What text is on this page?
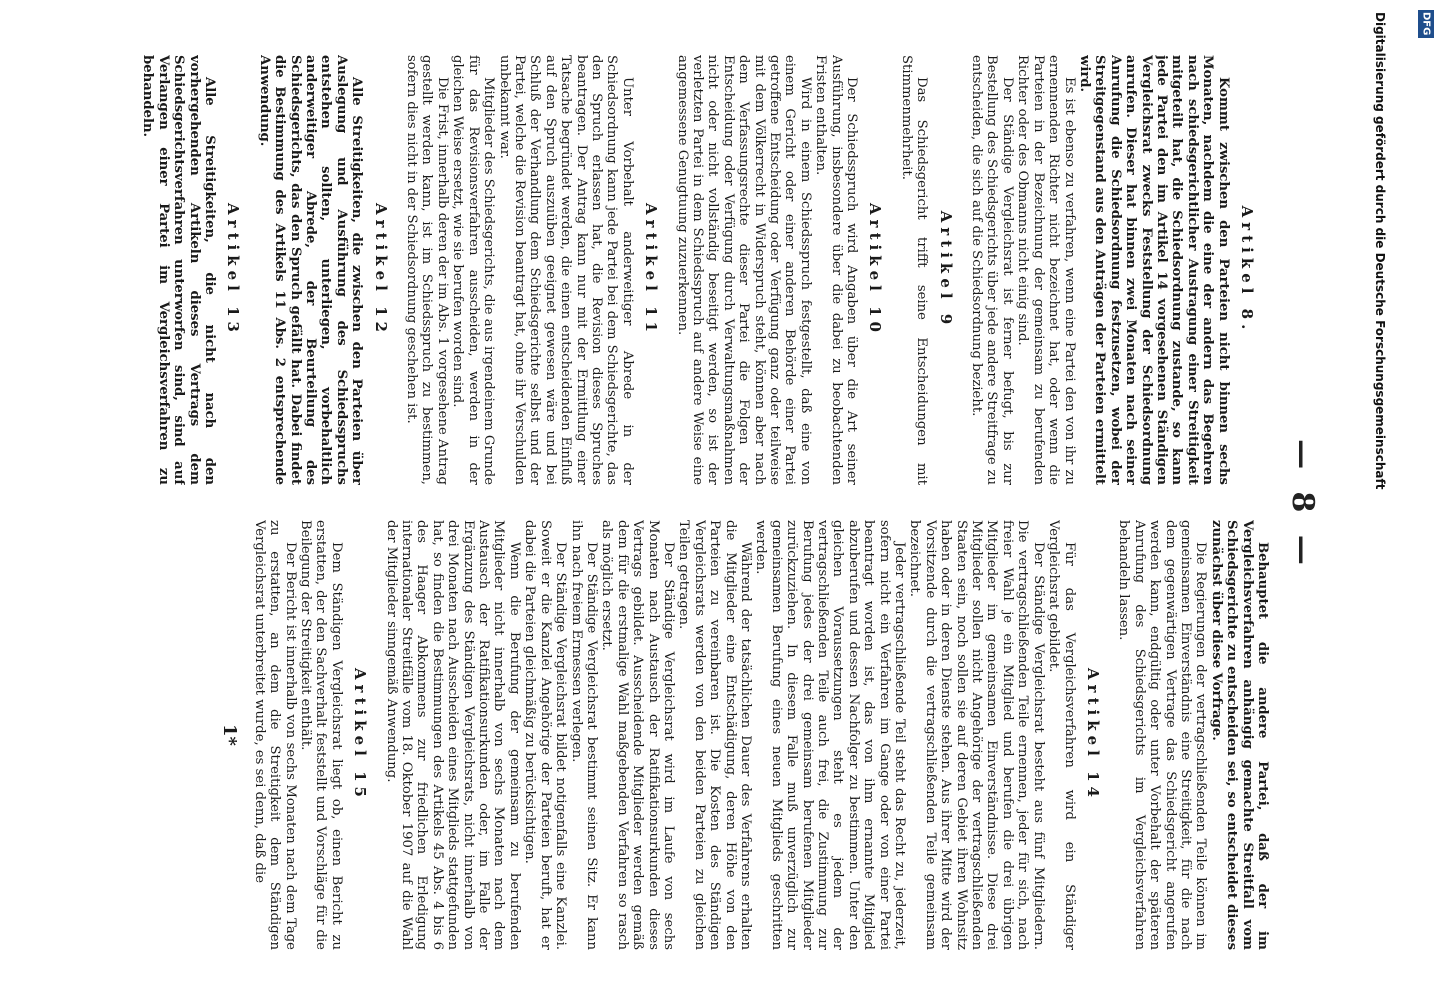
— 8 —
Artikel 8.

Kommt zwischen den Parteien nicht binnen sechs Monaten, nachdem die eine der andern das Begehren nach schiedsgerichtlicher Austragung einer Streitigkeit mitgeteilt hat, die Schiedsordnung zustande, so kann jede Partei den im Artikel 14 vorgesehenen Ständigen Vergleichsrat zwecks Feststellung der Schiedsordnung anrufen. Dieser hat binnen zwei Monaten nach seiner Anrufung die Schiedsordnung festzusetzen, wobei der Streitgegenstand aus den Anträgen der Parteien ermittelt wird.

Es ist ebenso zu verfahren, wenn eine Partei den von ihr zu ernennenden Richter nicht bezeichnet hat, oder wenn die Parteien in der Bezeichnung der gemeinsam zu berufenden Richter oder des Obmanns nicht einig sind.

Der Ständige Vergleichsrat ist ferner befugt, bis zur Bestellung des Schiedsgerichts über jede andere Streitfrage zu entscheiden, die sich auf die Schiedsordnung bezieht.

Artikel 9

Das Schiedsgericht trifft seine Entscheidungen mit Stimmenmehrheit.

Artikel 10

Der Schiedsspruch wird Angaben über die Art seiner Ausführung, insbesondere über die dabei zu beobachtenden Fristen enthalten.

Wird in einem Schiedsspruch festgestellt, daß eine von einem Gericht oder einer anderen Behörde einer Partei getroffene Entscheidung oder Verfügung ganz oder teilweise mit dem Völkerrecht in Widerspruch steht, können aber nach dem Verfassungsrechte dieser Partei die Folgen der Entscheidung oder Verfügung durch Verwaltungsmaßnahmen nicht oder nicht vollständig beseitigt werden, so ist der verletzten Partei in dem Schiedsspruch auf andere Weise eine angemessene Genugtuung zuzuerkennen.

Artikel 11

Unter Vorbehalt anderweitiger Abrede in der Schiedsordnung kann jede Partei bei dem Schiedsgerichte, das den Spruch erlassen hat, die Revision dieses Spruches beantragen. Der Antrag kann nur mit der Ermittlung einer Tatsache begründet werden, die einen entscheidenden Einfluß auf den Spruch auszuüben geeignet gewesen wäre und bei Schluß der Verhandlung dem Schiedsgerichte selbst und der Partei, welche die Revision beantragt hat, ohne ihr Verschulden unbekannt war.

Mitglieder des Schiedsgerichts, die aus irgendeinem Grunde für das Revisionsverfahren ausscheiden, werden in der gleichen Weise ersetzt, wie sie berufen worden sind.

Die Frist, innerhalb deren der im Abs. 1 vorgesehene Antrag gestellt werden kann, ist im Schiedsspruch zu bestimmen, sofern dies nicht in der Schiedsordnung geschehen ist.

Artikel 12

Alle Streitigkeiten, die zwischen den Parteien über Auslegung und Ausführung des Schiedsspruchs entstehen sollten, unterliegen, vorbehaltlich anderweitiger Abrede, der Beurteilung des Schiedsgerichts, das den Spruch gefällt hat. Dabei findet die Bestimmung des Artikels 11 Abs. 2 entsprechende Anwendung.

Artikel 13

Alle Streitigkeiten, die nicht nach den vorhergehenden Artikeln dieses Vertrags dem Schiedsgerichtsverfahren unterworfen sind, sind auf Verlangen einer Partei im Vergleichsverfahren zu behandeln.

Behauptet die andere Partei, daß der im Vergleichsverfahren anhängig gemachte Streitfall vom Schiedsgerichte zu entscheiden sei, so entscheidet dieses zunächst über diese Vorfrage.

Die Regierungen der vertragschließenden Teile können im gemeinsamen Einverständnis eine Streitigkeit, für die nach dem gegenwärtigen Vertrage das Schiedsgericht angerufen werden kann, endgültig oder unter Vorbehalt der späteren Anrufung des Schiedsgerichts im Vergleichsverfahren behandeln lassen.

Artikel 14

Für das Vergleichsverfahren wird ein Ständiger Vergleichsrat gebildet.

Der Ständige Vergleichsrat besteht aus fünf Mitgliedern. Die vertragschließenden Teile ernennen, jeder für sich, nach freier Wahl je ein Mitglied und berufen die drei übrigen Mitglieder im gemeinsamen Einverständnisse. Diese drei Mitglieder sollen nicht Angehörige der vertragschließenden Staaten sein, noch sollen sie auf deren Gebiet ihren Wohnsitz haben oder in deren Dienste stehen. Aus ihrer Mitte wird der Vorsitzende durch die vertragschließenden Teile gemeinsam bezeichnet.

Jeder vertragschließende Teil steht das Recht zu, jederzeit, sofern nicht ein Verfahren im Gange oder von einer Partei beantragt worden ist, das von ihm ernannte Mitglied abzuberufen und dessen Nachfolger zu bestimmen. Unter den gleichen Voraussetzungen steht es jedem der vertragschließenden Teile auch frei, die Zustimmung zur Berufung jedes der drei gemeinsam berufenen Mitglieder zurückzuziehen. In diesem Falle muß unverzüglich zur gemeinsamen Berufung eines neuen Mitglieds geschritten werden.

Während der tatsächlichen Dauer des Verfahrens erhalten die Mitglieder eine Entschädigung, deren Höhe von den Parteien zu vereinbaren ist. Die Kosten des Ständigen Vergleichsrats werden von den beiden Parteien zu gleichen Teilen getragen.

Der Ständige Vergleichsrat wird im Laufe von sechs Monaten nach Austausch der Ratifikationsurkunden dieses Vertrags gebildet. Ausscheidende Mitglieder werden gemäß dem für die erstmalige Wahl maßgebenden Verfahren so rasch als möglich ersetzt.

Der Ständige Vergleichsrat bestimmt seinen Sitz. Er kann ihn nach freiem Ermessen verlegen.

Der Ständige Vergleichsrat bildet notigenfalls eine Kanzlei. Soweit er die Kanzlei Angehörige der Parteien beruft, hat er dabei die Parteien gleichmäßig zu berücksichtigen.

Wenn die Berufung der gemeinsam zu berufenden Mitglieder nicht innerhalb von sechs Monaten nach dem Austausch der Ratifikationsurkunden oder, im Falle der Ergänzung des Ständigen Vergleichsrats, nicht innerhalb von drei Monaten nach Ausscheiden eines Mitglieds stattgefunden hat, so finden die Bestimmungen des Artikels 45 Abs. 4 bis 6 des Haager Abkommens zur friedlichen Erledigung internationaler Streitfälle vom 18. Oktober 1907 auf die Wahl der Mitglieder sinngemäß Anwendung.

Artikel 15

Dem Ständigen Vergleichsrat liegt ob, einen Bericht zu erstatten, der den Sachverhalt feststellt und Vorschläge für die Beilegung der Streitigkeit enthält.

Der Bericht ist innerhalb von sechs Monaten nach dem Tage zu erstatten, an dem die Streitigkeit dem Ständigen Vergleichsrat unterbreitet wurde, es sei denn, daß die

1*
Digitalisierung gefördert durch die Deutsche Forschungsgemeinschaft	DFG
